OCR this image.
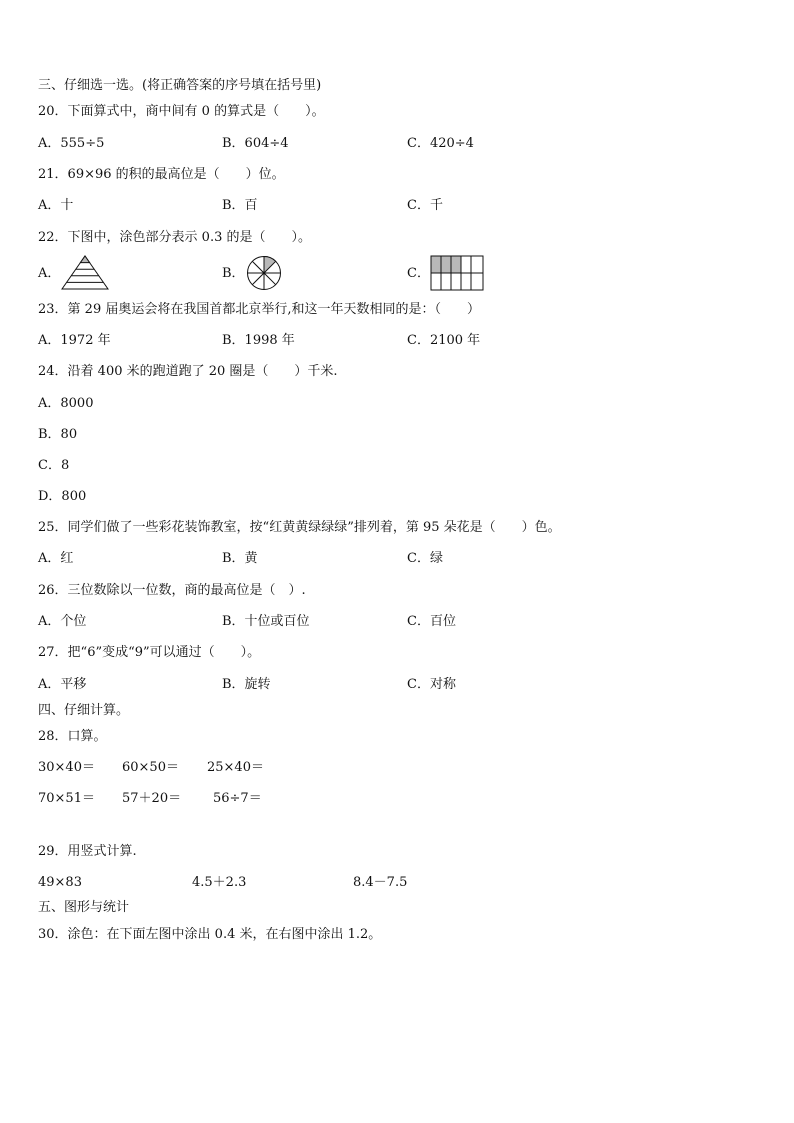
三、仔细选一选。(将正确答案的序号填在括号里)
20．下面算式中，商中间有 0 的算式是（　　）。
A．555÷5	B．604÷4	C．420÷4
21．69×96 的积的最高位是（　　）位。
A．十	B．百	C．千
22．下图中，涂色部分表示 0.3 的是（　　）。
A．	B．	C．
23．第 29 届奥运会将在我国首都北京举行,和这一年天数相同的是：（　　）
A．1972 年	B．1998 年	C．2100 年
24．沿着 400 米的跑道跑了 20 圈是（　　）千米.
A．8000
B．80
C．8
D．800
25．同学们做了一些彩花装饰教室，按“红黄黄绿绿绿”排列着，第 95 朵花是（　　）色。
A．红	B．黄	C．绿
26．三位数除以一位数，商的最高位是（　）.
A．个位	B．十位或百位	C．百位
27．把“6”变成“9”可以通过（　　）。
A．平移	B．旋转	C．对称
四、仔细计算。
28．口算。
30×40＝ 60×50＝ 25×40＝
70×51＝ 57＋20＝ 56÷7＝
29．用竖式计算.
49×83	4.5＋2.3	8.4－7.5
五、图形与统计
30．涂色：在下面左图中涂出 0.4 米，在右图中涂出 1.2。
